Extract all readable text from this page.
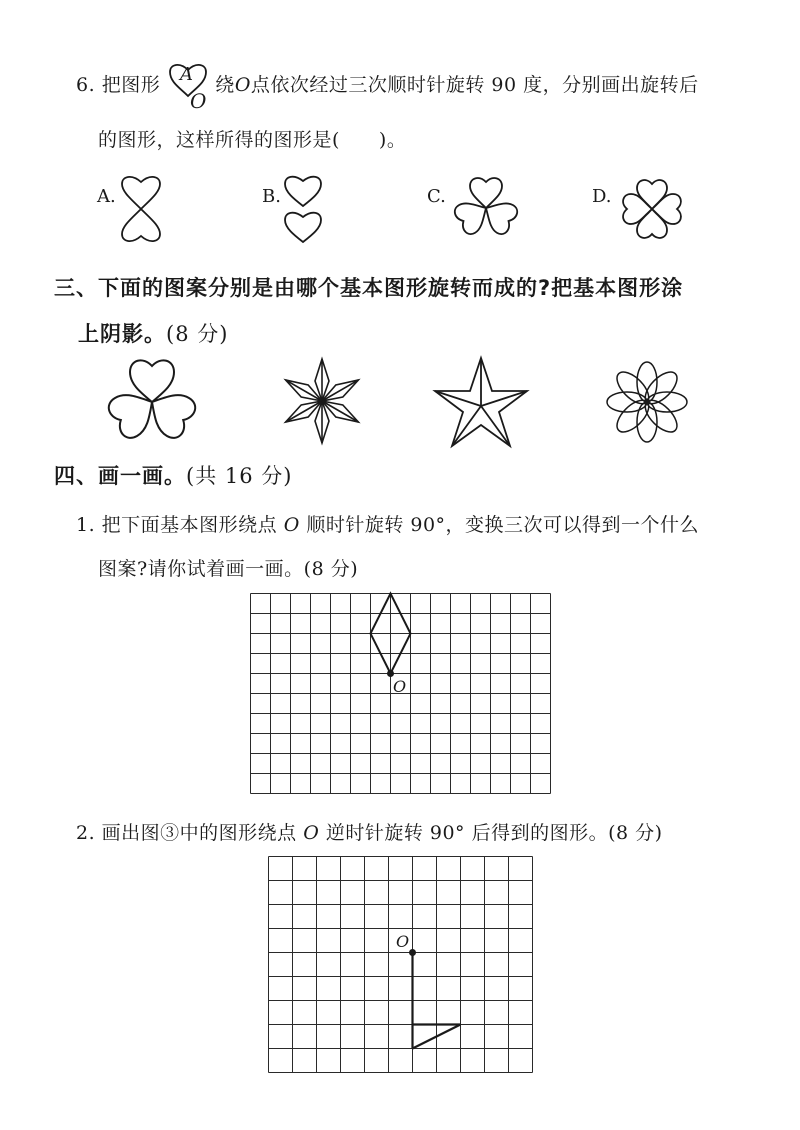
6. 把图形	绕O点依次经过三次顺时针旋转 90 度，分别画出旋转后
A
O
的图形，这样所得的图形是(　　)。
A.	B.	C.	D.
三、下面的图案分别是由哪个基本图形旋转而成的?把基本图形涂
上阴影。(8 分)
四、画一画。(共 16 分)
1. 把下面基本图形绕点 O 顺时针旋转 90°，变换三次可以得到一个什么
图案?请你试着画一画。(8 分)
O
2. 画出图③中的图形绕点 O 逆时针旋转 90° 后得到的图形。(8 分)
O
